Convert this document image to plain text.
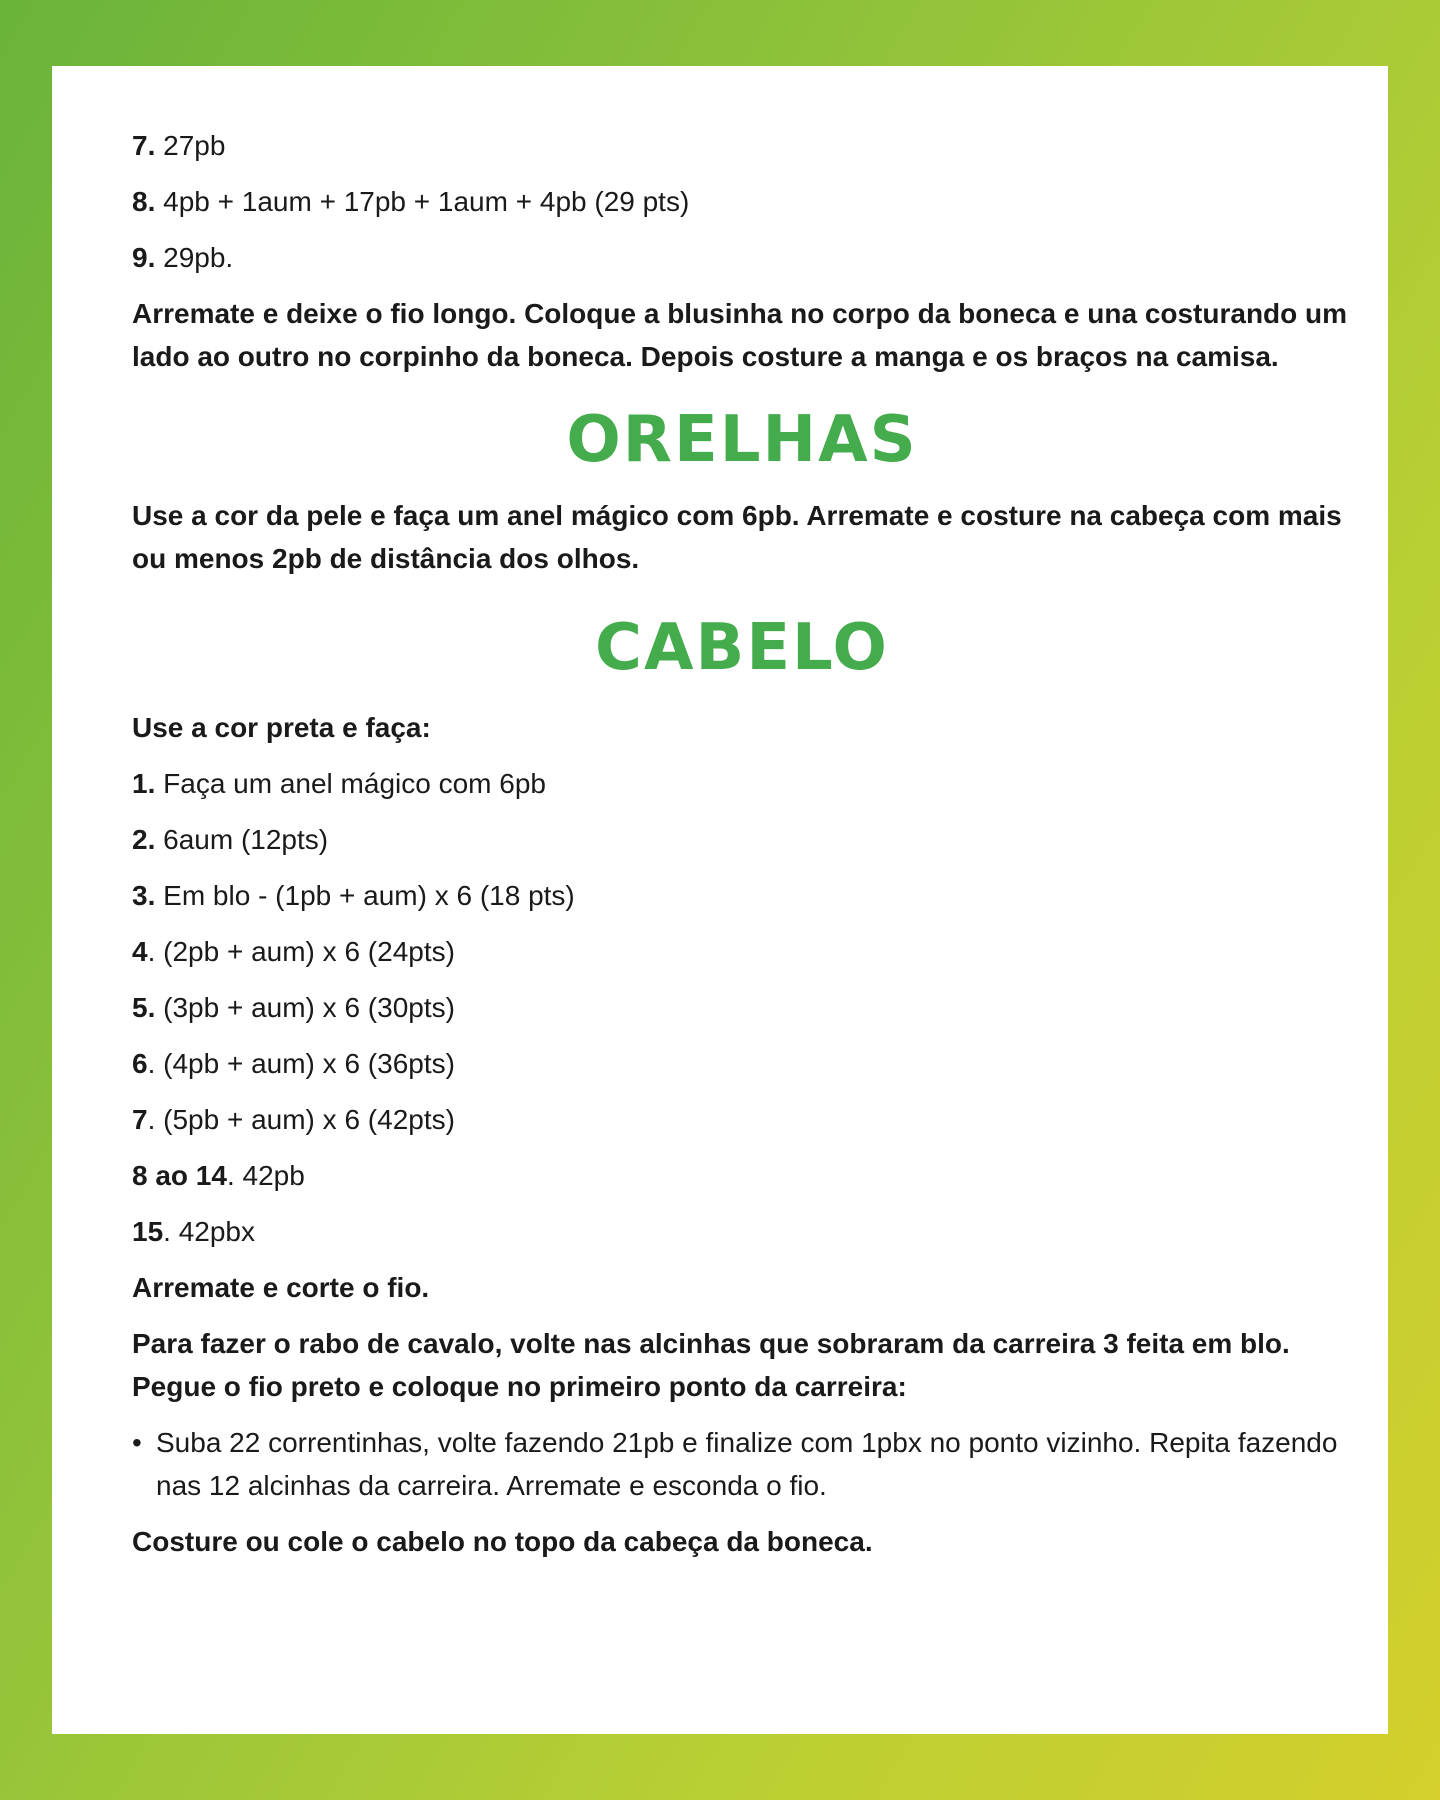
7. 27pb
8. 4pb + 1aum + 17pb + 1aum + 4pb (29 pts)
9. 29pb.

Arremate e deixe o fio longo. Coloque a blusinha no corpo da boneca e una costurando um lado ao outro no corpinho da boneca. Depois costure a manga e os braços na camisa.

ORELHAS

Use a cor da pele e faça um anel mágico com 6pb. Arremate e costure na cabeça com mais ou menos 2pb de distância dos olhos.

CABELO

Use a cor preta e faça:

1. Faça um anel mágico com 6pb
2. 6aum (12pts)
3. Em blo - (1pb + aum) x 6 (18 pts)
4. (2pb + aum) x 6 (24pts)
5. (3pb + aum) x 6 (30pts)
6. (4pb + aum) x 6 (36pts)
7. (5pb + aum) x 6 (42pts)
8 ao 14. 42pb
15. 42pbx

Arremate e corte o fio.

Para fazer o rabo de cavalo, volte nas alcinhas que sobraram da carreira 3 feita em blo. Pegue o fio preto e coloque no primeiro ponto da carreira:

• Suba 22 correntinhas, volte fazendo 21pb e finalize com 1pbx no ponto vizinho. Repita fazendo nas 12 alcinhas da carreira. Arremate e esconda o fio.

Costure ou cole o cabelo no topo da cabeça da boneca.
